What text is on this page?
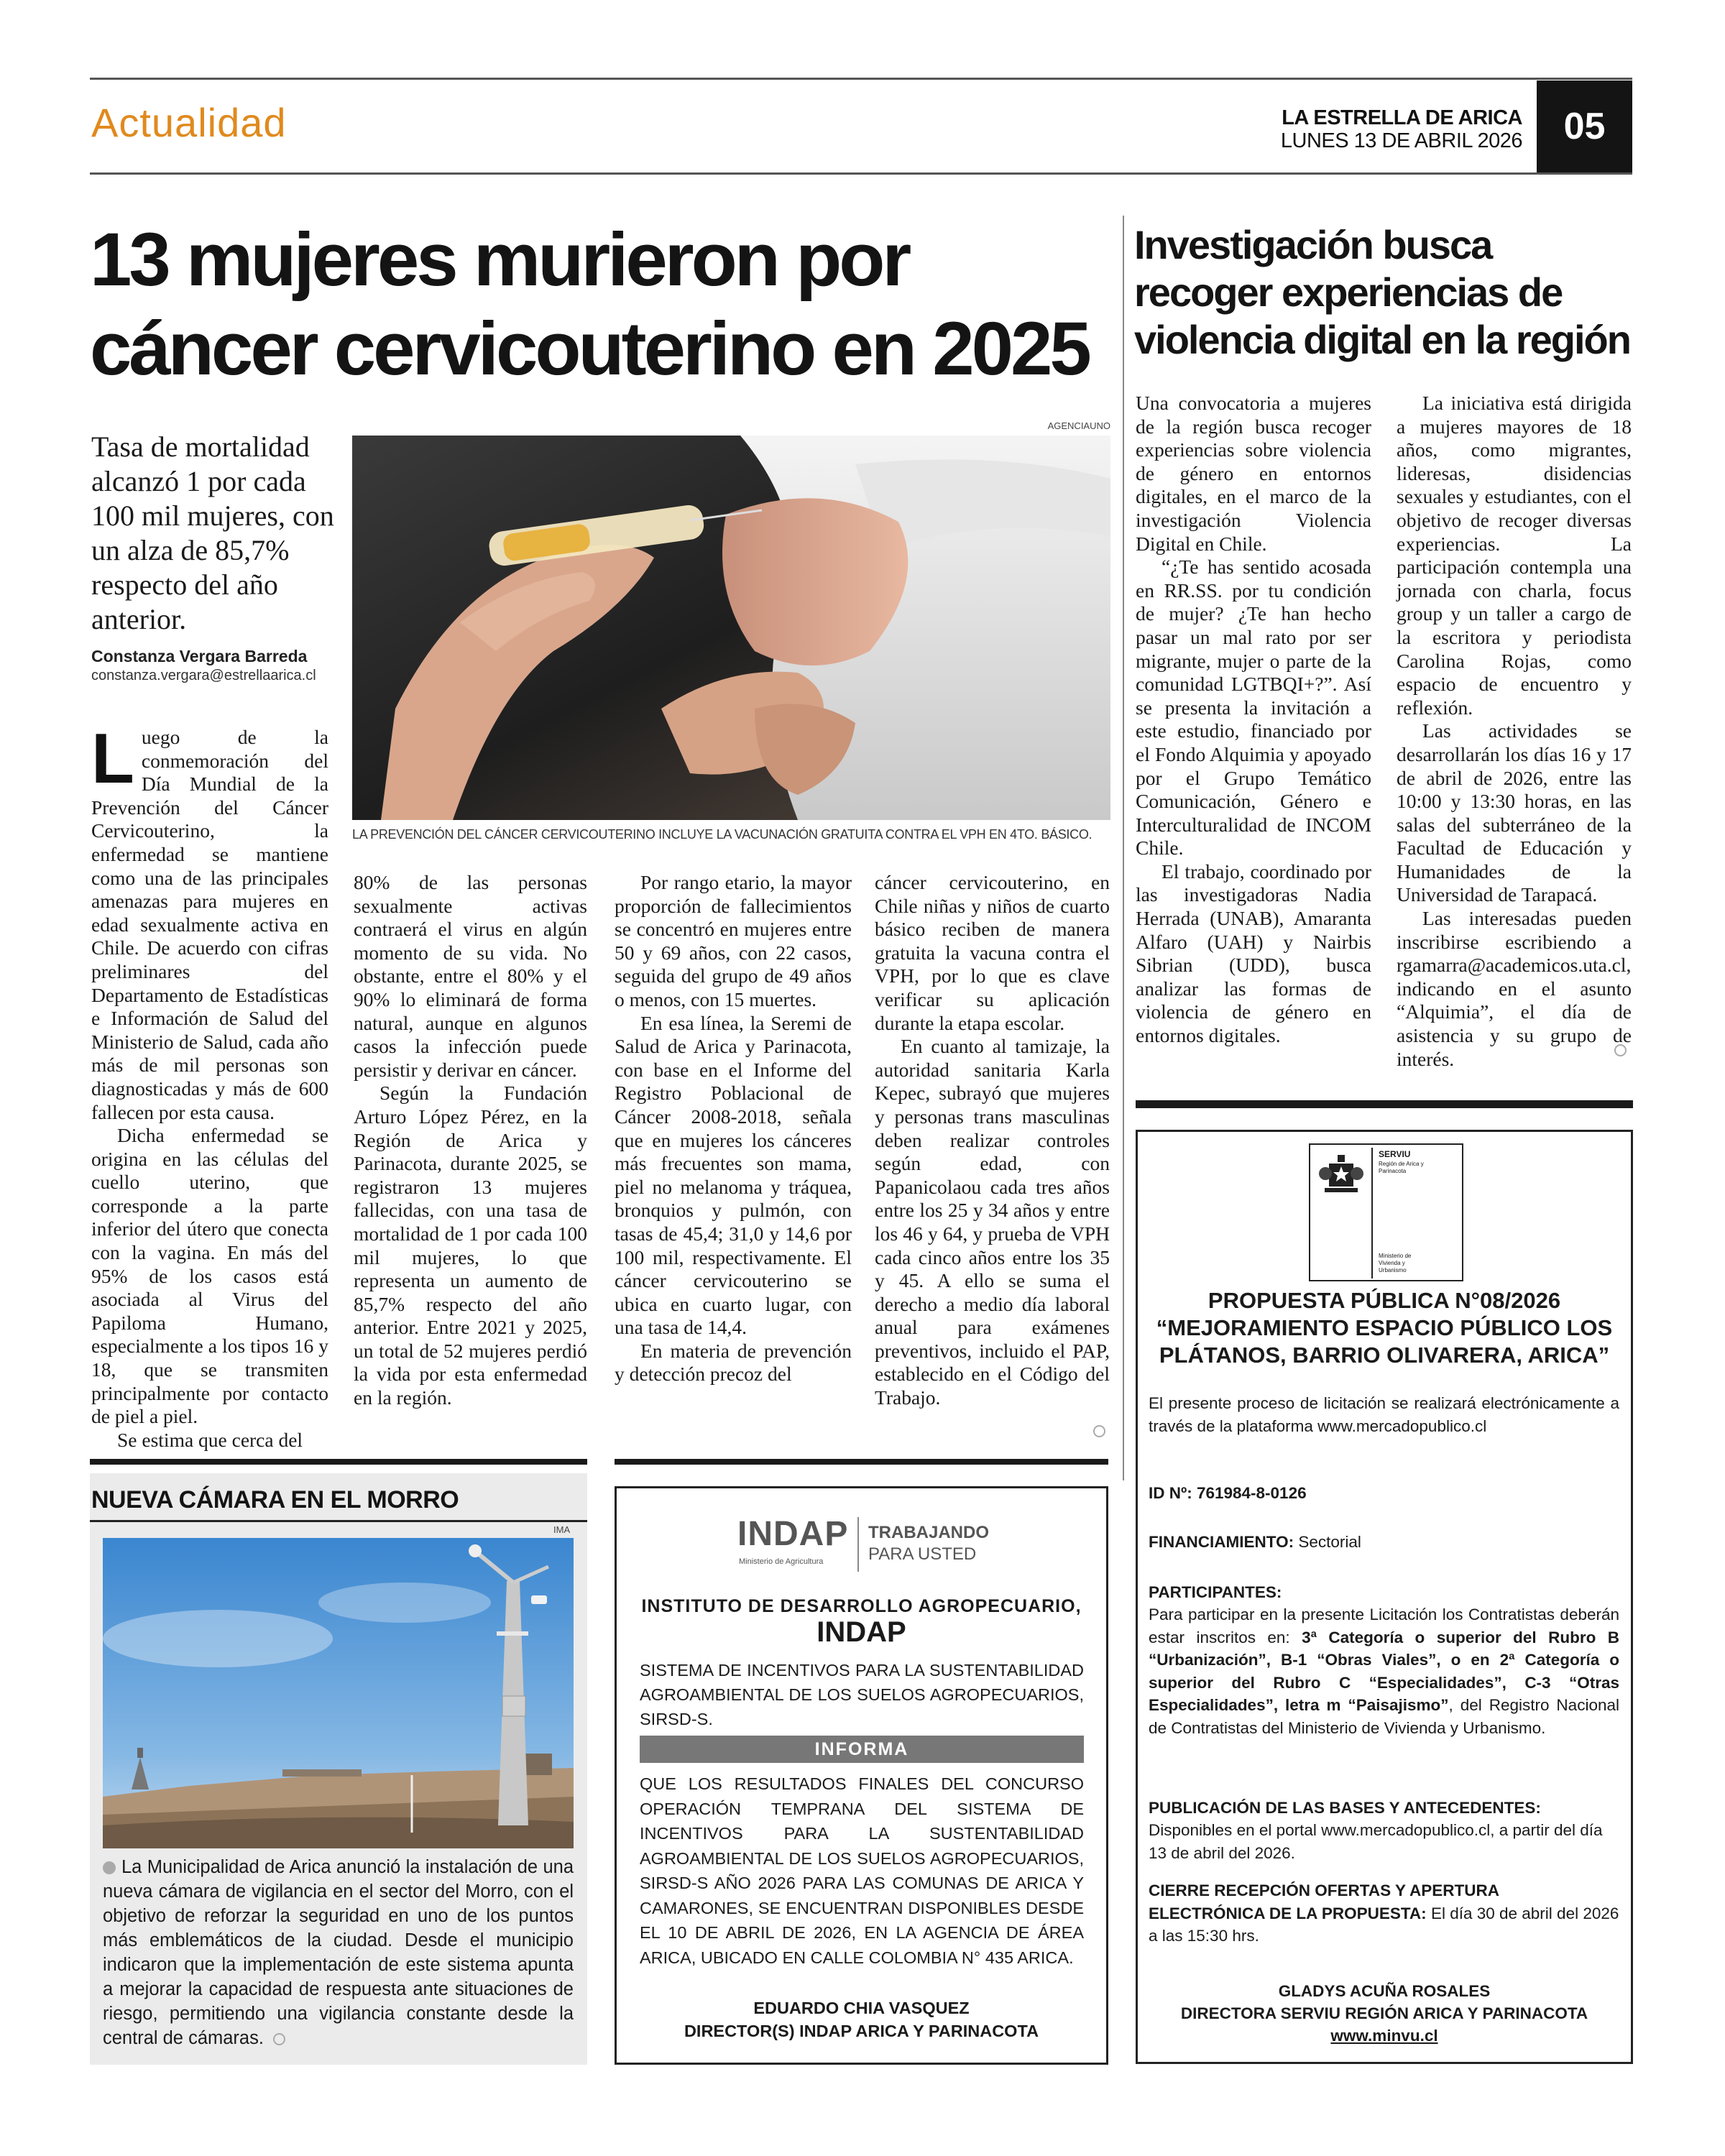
Actualidad	LA ESTRELLA DE ARICA
LUNES 13 DE ABRIL 2026	05
13 mujeres murieron por cáncer cervicouterino en 2025
Tasa de mortalidad alcanzó 1 por cada 100 mil mujeres, con un alza de 85,7% respecto del año anterior.
Constanza Vergara Barreda
constanza.vergara@estrellaarica.cl
AGENCIAUNO
LA PREVENCIÓN DEL CÁNCER CERVICOUTERINO INCLUYE LA VACUNACIÓN GRATUITA CONTRA EL VPH EN 4TO. BÁSICO.
L uego de la conmemoración del Día Mundial de la Prevención del Cáncer Cervicouterino, la enfermedad se mantiene como una de las principales amenazas para mujeres en edad sexualmente activa en Chile. De acuerdo con cifras preliminares del Departamento de Estadísticas e Información de Salud del Ministerio de Salud, cada año más de mil personas son diagnosticadas y más de 600 fallecen por esta causa.

Dicha enfermedad se origina en las células del cuello uterino, que corresponde a la parte inferior del útero que conecta con la vagina. En más del 95% de los casos está asociada al Virus del Papiloma Humano, especialmente a los tipos 16 y 18, que se transmiten principalmente por contacto de piel a piel.

Se estima que cerca del

80% de las personas sexualmente activas contraerá el virus en algún momento de su vida. No obstante, entre el 80% y el 90% lo eliminará de forma natural, aunque en algunos casos la infección puede persistir y derivar en cáncer.

Según la Fundación Arturo López Pérez, en la Región de Arica y Parinacota, durante 2025, se registraron 13 mujeres fallecidas, con una tasa de mortalidad de 1 por cada 100 mil mujeres, lo que representa un aumento de 85,7% respecto del año anterior. Entre 2021 y 2025, un total de 52 mujeres perdió la vida por esta enfermedad en la región.

Por rango etario, la mayor proporción de fallecimientos se concentró en mujeres entre 50 y 69 años, con 22 casos, seguida del grupo de 49 años o menos, con 15 muertes.

En esa línea, la Seremi de Salud de Arica y Parinacota, con base en el Informe del Registro Poblacional de Cáncer 2008-2018, señala que en mujeres los cánceres más frecuentes son mama, piel no melanoma y tráquea, bronquios y pulmón, con tasas de 45,4; 31,0 y 14,6 por 100 mil, respectivamente. El cáncer cervicouterino se ubica en cuarto lugar, con una tasa de 14,4.

En materia de prevención y detección precoz del

cáncer cervicouterino, en Chile niñas y niños de cuarto básico reciben de manera gratuita la vacuna contra el VPH, por lo que es clave verificar su aplicación durante la etapa escolar.

En cuanto al tamizaje, la autoridad sanitaria Karla Kepec, subrayó que mujeres y personas trans masculinas deben realizar controles según edad, con Papanicolaou cada tres años entre los 25 y 34 años y entre los 46 y 64, y prueba de VPH cada cinco años entre los 35 y 45. A ello se suma el derecho a medio día laboral anual para exámenes preventivos, incluido el PAP, establecido en el Código del Trabajo.

Investigación busca recoger experiencias de violencia digital en la región

Una convocatoria a mujeres de la región busca recoger experiencias sobre violencia de género en entornos digitales, en el marco de la investigación Violencia Digital en Chile.

“¿Te has sentido acosada en RR.SS. por tu condición de mujer? ¿Te han hecho pasar un mal rato por ser migrante, mujer o parte de la comunidad LGTBQI+?”. Así se presenta la invitación a este estudio, financiado por el Fondo Alquimia y apoyado por el Grupo Temático Comunicación, Género e Interculturalidad de INCOM Chile.

El trabajo, coordinado por las investigadoras Nadia Herrada (UNAB), Amaranta Alfaro (UAH) y Nairbis Sibrian (UDD), busca analizar las formas de violencia de género en entornos digitales.

La iniciativa está dirigida a mujeres mayores de 18 años, como migrantes, lideresas, disidencias sexuales y estudiantes, con el objetivo de recoger diversas experiencias. La participación contempla una jornada con charla, focus group y un taller a cargo de la escritora y periodista Carolina Rojas, como espacio de encuentro y reflexión.

Las actividades se desarrollarán los días 16 y 17 de abril de 2026, entre las 10:00 y 13:30 horas, en las salas del subterráneo de la Facultad de Educación y Humanidades de la Universidad de Tarapacá.

Las interesadas pueden inscribirse escribiendo a rgamarra@academicos.uta.cl, indicando en el asunto “Alquimia”, el día de asistencia y su grupo de interés.

SERVIU
Región de Arica y
Parinacota
Ministerio de
Vivienda y
Urbanismo
PROPUESTA PÚBLICA N°08/2026
“MEJORAMIENTO ESPACIO PÚBLICO LOS
PLÁTANOS, BARRIO OLIVARERA, ARICA”
El presente proceso de licitación se realizará electrónicamente a través de la plataforma www.mercadopublico.cl
ID Nº: 761984-8-0126
FINANCIAMIENTO: Sectorial
PARTICIPANTES:
Para participar en la presente Licitación los Contratistas deberán estar inscritos en: 3ª Categoría o superior del Rubro B “Urbanización”, B-1 “Obras Viales”, o en 2ª Categoría o superior del Rubro C “Especialidades”, C-3 “Otras Especialidades”, letra m “Paisajismo”, del Registro Nacional de Contratistas del Ministerio de Vivienda y Urbanismo.
PUBLICACIÓN DE LAS BASES Y ANTECEDENTES:
Disponibles en el portal www.mercadopublico.cl, a partir del día 13 de abril del 2026.
CIERRE RECEPCIÓN OFERTAS Y APERTURA ELECTRÓNICA DE LA PROPUESTA: El día 30 de abril del 2026 a las 15:30 hrs.
GLADYS ACUÑA ROSALES
DIRECTORA SERVIU REGIÓN ARICA Y PARINACOTA
www.minvu.cl
NUEVA CÁMARA EN EL MORRO
IMA
La Municipalidad de Arica anunció la instalación de una nueva cámara de vigilancia en el sector del Morro, con el objetivo de reforzar la seguridad en uno de los puntos más emblemáticos de la ciudad. Desde el municipio indicaron que la implementación de este sistema apunta a mejorar la capacidad de respuesta ante situaciones de riesgo, permitiendo una vigilancia constante desde la central de cámaras.
INDAP
Ministerio de Agricultura
TRABAJANDO
PARA USTED
INSTITUTO DE DESARROLLO AGROPECUARIO,
INDAP
SISTEMA DE INCENTIVOS PARA LA SUSTENTABILIDAD AGROAMBIENTAL DE LOS SUELOS AGROPECUARIOS, SIRSD-S.
INFORMA
QUE LOS RESULTADOS FINALES DEL CONCURSO OPERACIÓN TEMPRANA DEL SISTEMA DE INCENTIVOS PARA LA SUSTENTABILIDAD AGROAMBIENTAL DE LOS SUELOS AGROPECUARIOS, SIRSD-S AÑO 2026 PARA LAS COMUNAS DE ARICA Y CAMARONES, SE ENCUENTRAN DISPONIBLES DESDE EL 10 DE ABRIL DE 2026, EN LA AGENCIA DE ÁREA ARICA, UBICADO EN CALLE COLOMBIA N° 435 ARICA.
EDUARDO CHIA VASQUEZ
DIRECTOR(S) INDAP ARICA Y PARINACOTA
